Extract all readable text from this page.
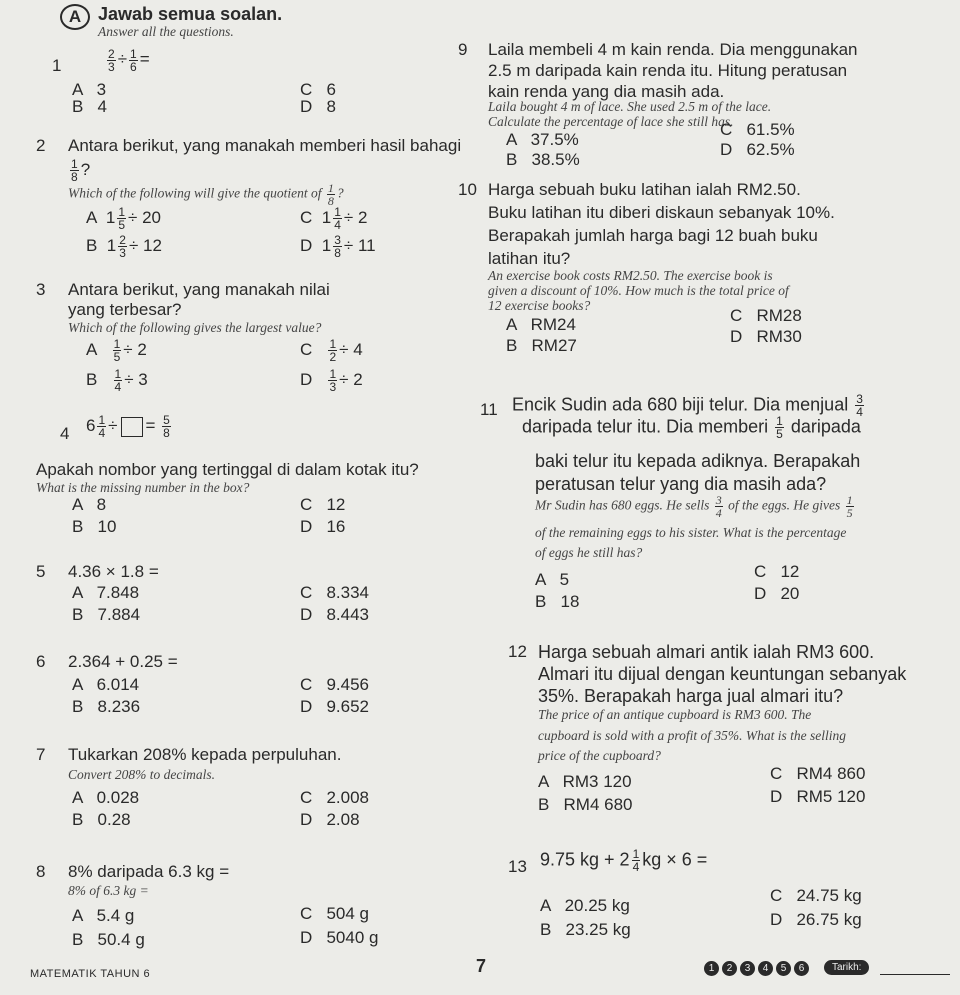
A Jawab semua soalan.
Answer all the questions.
1	$\frac{2}{3} \div \frac{1}{6}$ =
A   3
B   4
C   6
D   8
2 Antara berikut, yang manakah memberi hasil bahagi
$\frac{1}{8}$ ?
Which of the following will give the quotient of $\frac{1}{8}$ ?
A  $1 \frac{1}{5} \div 20$
B  $1 \frac{2}{3} \div 12$
C  $1 \frac{1}{4} \div 2$
D  $1 \frac{3}{8} \div 11$
3 Antara berikut, yang manakah nilai
yang terbesar?
Which of the following gives the largest value?
A $\frac{1}{5} \div 2$
B $\frac{1}{4} \div 3$
C $\frac{1}{2} \div 4$
D $\frac{1}{3} \div 2$
4 $6 \frac{1}{4}$ ÷ = $\frac{5}{8}$
Apakah nombor yang tertinggal di dalam kotak itu?
What is the missing number in the box?
A   8
B   10
C   12
D   16
5 4.36 × 1.8 =
A   7.848
B   7.884
C   8.334
D   8.443
6 2.364 + 0.25 =
A   6.014
B   8.236
C   9.456
D   9.652
7 Tukarkan 208% kepada perpuluhan.
Convert 208% to decimals.
A   0.028
B   0.28
C   2.008
D   2.08
8 8% daripada 6.3 kg =
8% of 6.3 kg =
A   5.4 g
B   50.4 g
C   504 g
D   5040 g
9 Laila membeli 4 m kain renda. Dia menggunakan
2.5 m daripada kain renda itu. Hitung peratusan
kain renda yang dia masih ada.
Laila bought 4 m of lace. She used 2.5 m of the lace.
Calculate the percentage of lace she still has.
A   37.5%
B   38.5%
C   61.5%
D   62.5%
10 Harga sebuah buku latihan ialah RM2.50.
Buku latihan itu diberi diskaun sebanyak 10%.
Berapakah jumlah harga bagi 12 buah buku
latihan itu?
An exercise book costs RM2.50. The exercise book is
given a discount of 10%. How much is the total price of
12 exercise books?
A   RM24
B   RM27
C   RM28
D   RM30
11 Encik Sudin ada 680 biji telur. Dia menjual $\frac{3}{4}$
daripada telur itu. Dia memberi $\frac{1}{5}$ daripada
baki telur itu kepada adiknya. Berapakah
peratusan telur yang dia masih ada?
Mr Sudin has 680 eggs. He sells $\frac{3}{4}$ of the eggs. He gives $\frac{1}{5}$
of the remaining eggs to his sister. What is the percentage
of eggs he still has?
A   5
B   18
C   12
D   20
12 Harga sebuah almari antik ialah RM3 600.
Almari itu dijual dengan keuntungan sebanyak
35%. Berapakah harga jual almari itu?
The price of an antique cupboard is RM3 600. The
cupboard is sold with a profit of 35%. What is the selling
price of the cupboard?
A   RM3 120
B   RM4 680
C   RM4 860
D   RM5 120
13 9.75 kg + $2 \frac{1}{4}$ kg × 6 =
A   20.25 kg
B   23.25 kg
C   24.75 kg
D   26.75 kg
MATEMATIK TAHUN 6	7	1	2	3	4	5	6	Tarikh:
